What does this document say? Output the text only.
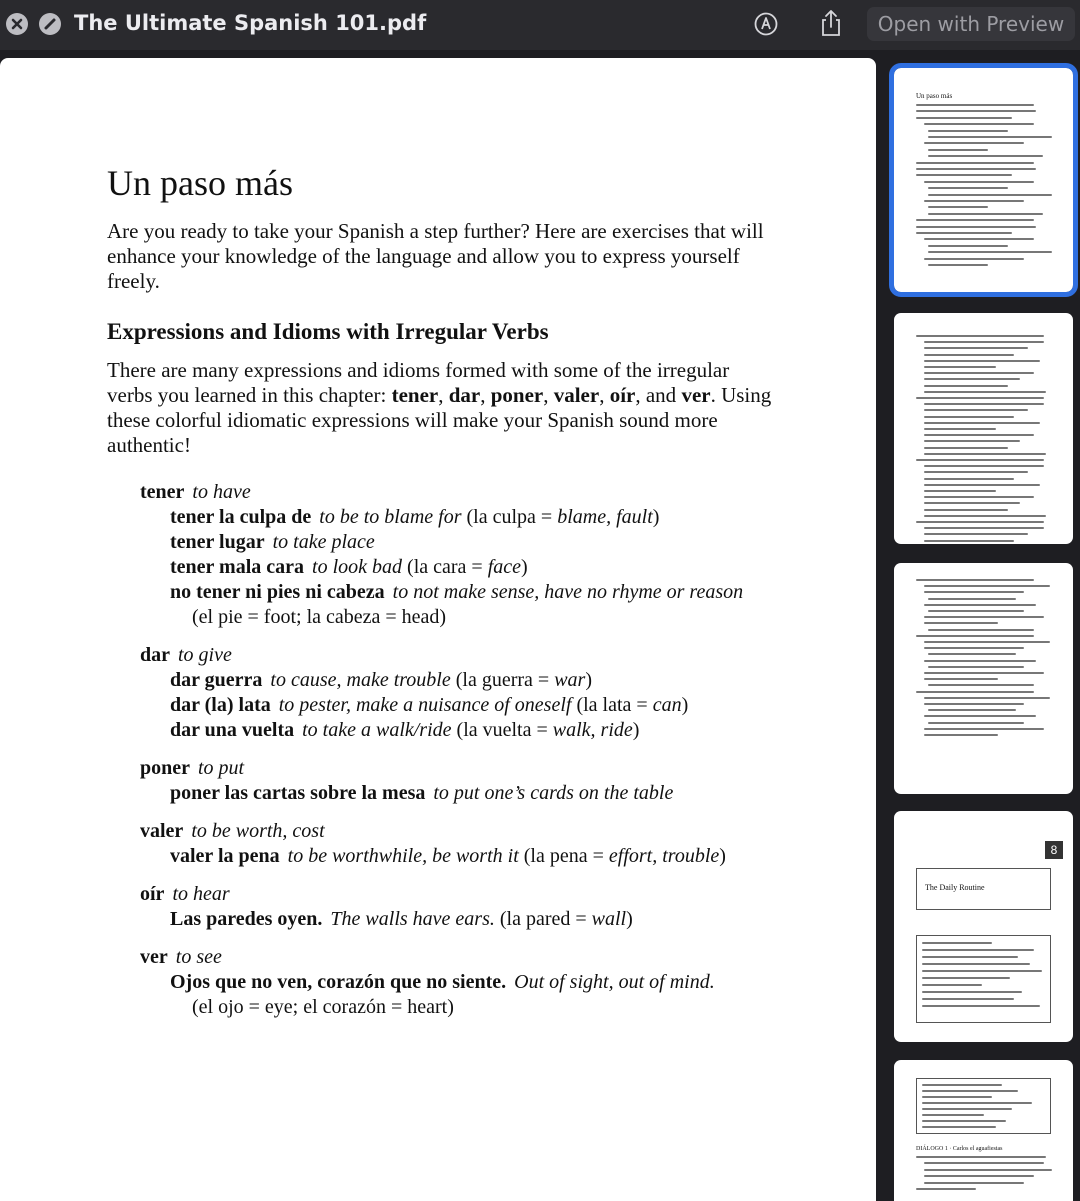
The Ultimate Spanish 101.pdf	Open with Preview
Un paso más
Are you ready to take your Spanish a step further? Here are exercises that will enhance your knowledge of the language and allow you to express yourself freely.
Expressions and Idioms with Irregular Verbs
There are many expressions and idioms formed with some of the irregular verbs you learned in this chapter: tener, dar, poner, valer, oír, and ver. Using these colorful idiomatic expressions will make your Spanish sound more authentic!
tener to have
tener la culpa de to be to blame for (la culpa = blame, fault)
tener lugar to take place
tener mala cara to look bad (la cara = face)
no tener ni pies ni cabeza to not make sense, have no rhyme or reason
(el pie = foot; la cabeza = head)
dar to give
dar guerra to cause, make trouble (la guerra = war)
dar (la) lata to pester, make a nuisance of oneself (la lata = can)
dar una vuelta to take a walk/ride (la vuelta = walk, ride)
poner to put
poner las cartas sobre la mesa to put one’s cards on the table
valer to be worth, cost
valer la pena to be worthwhile, be worth it (la pena = effort, trouble)
oír to hear
Las paredes oyen. The walls have ears. (la pared = wall)
ver to see
Ojos que no ven, corazón que no siente. Out of sight, out of mind.
(el ojo = eye; el corazón = heart)
Un paso más
8
The Daily Routine
DIÁLOGO 1 · Carlos el aguafiestas
